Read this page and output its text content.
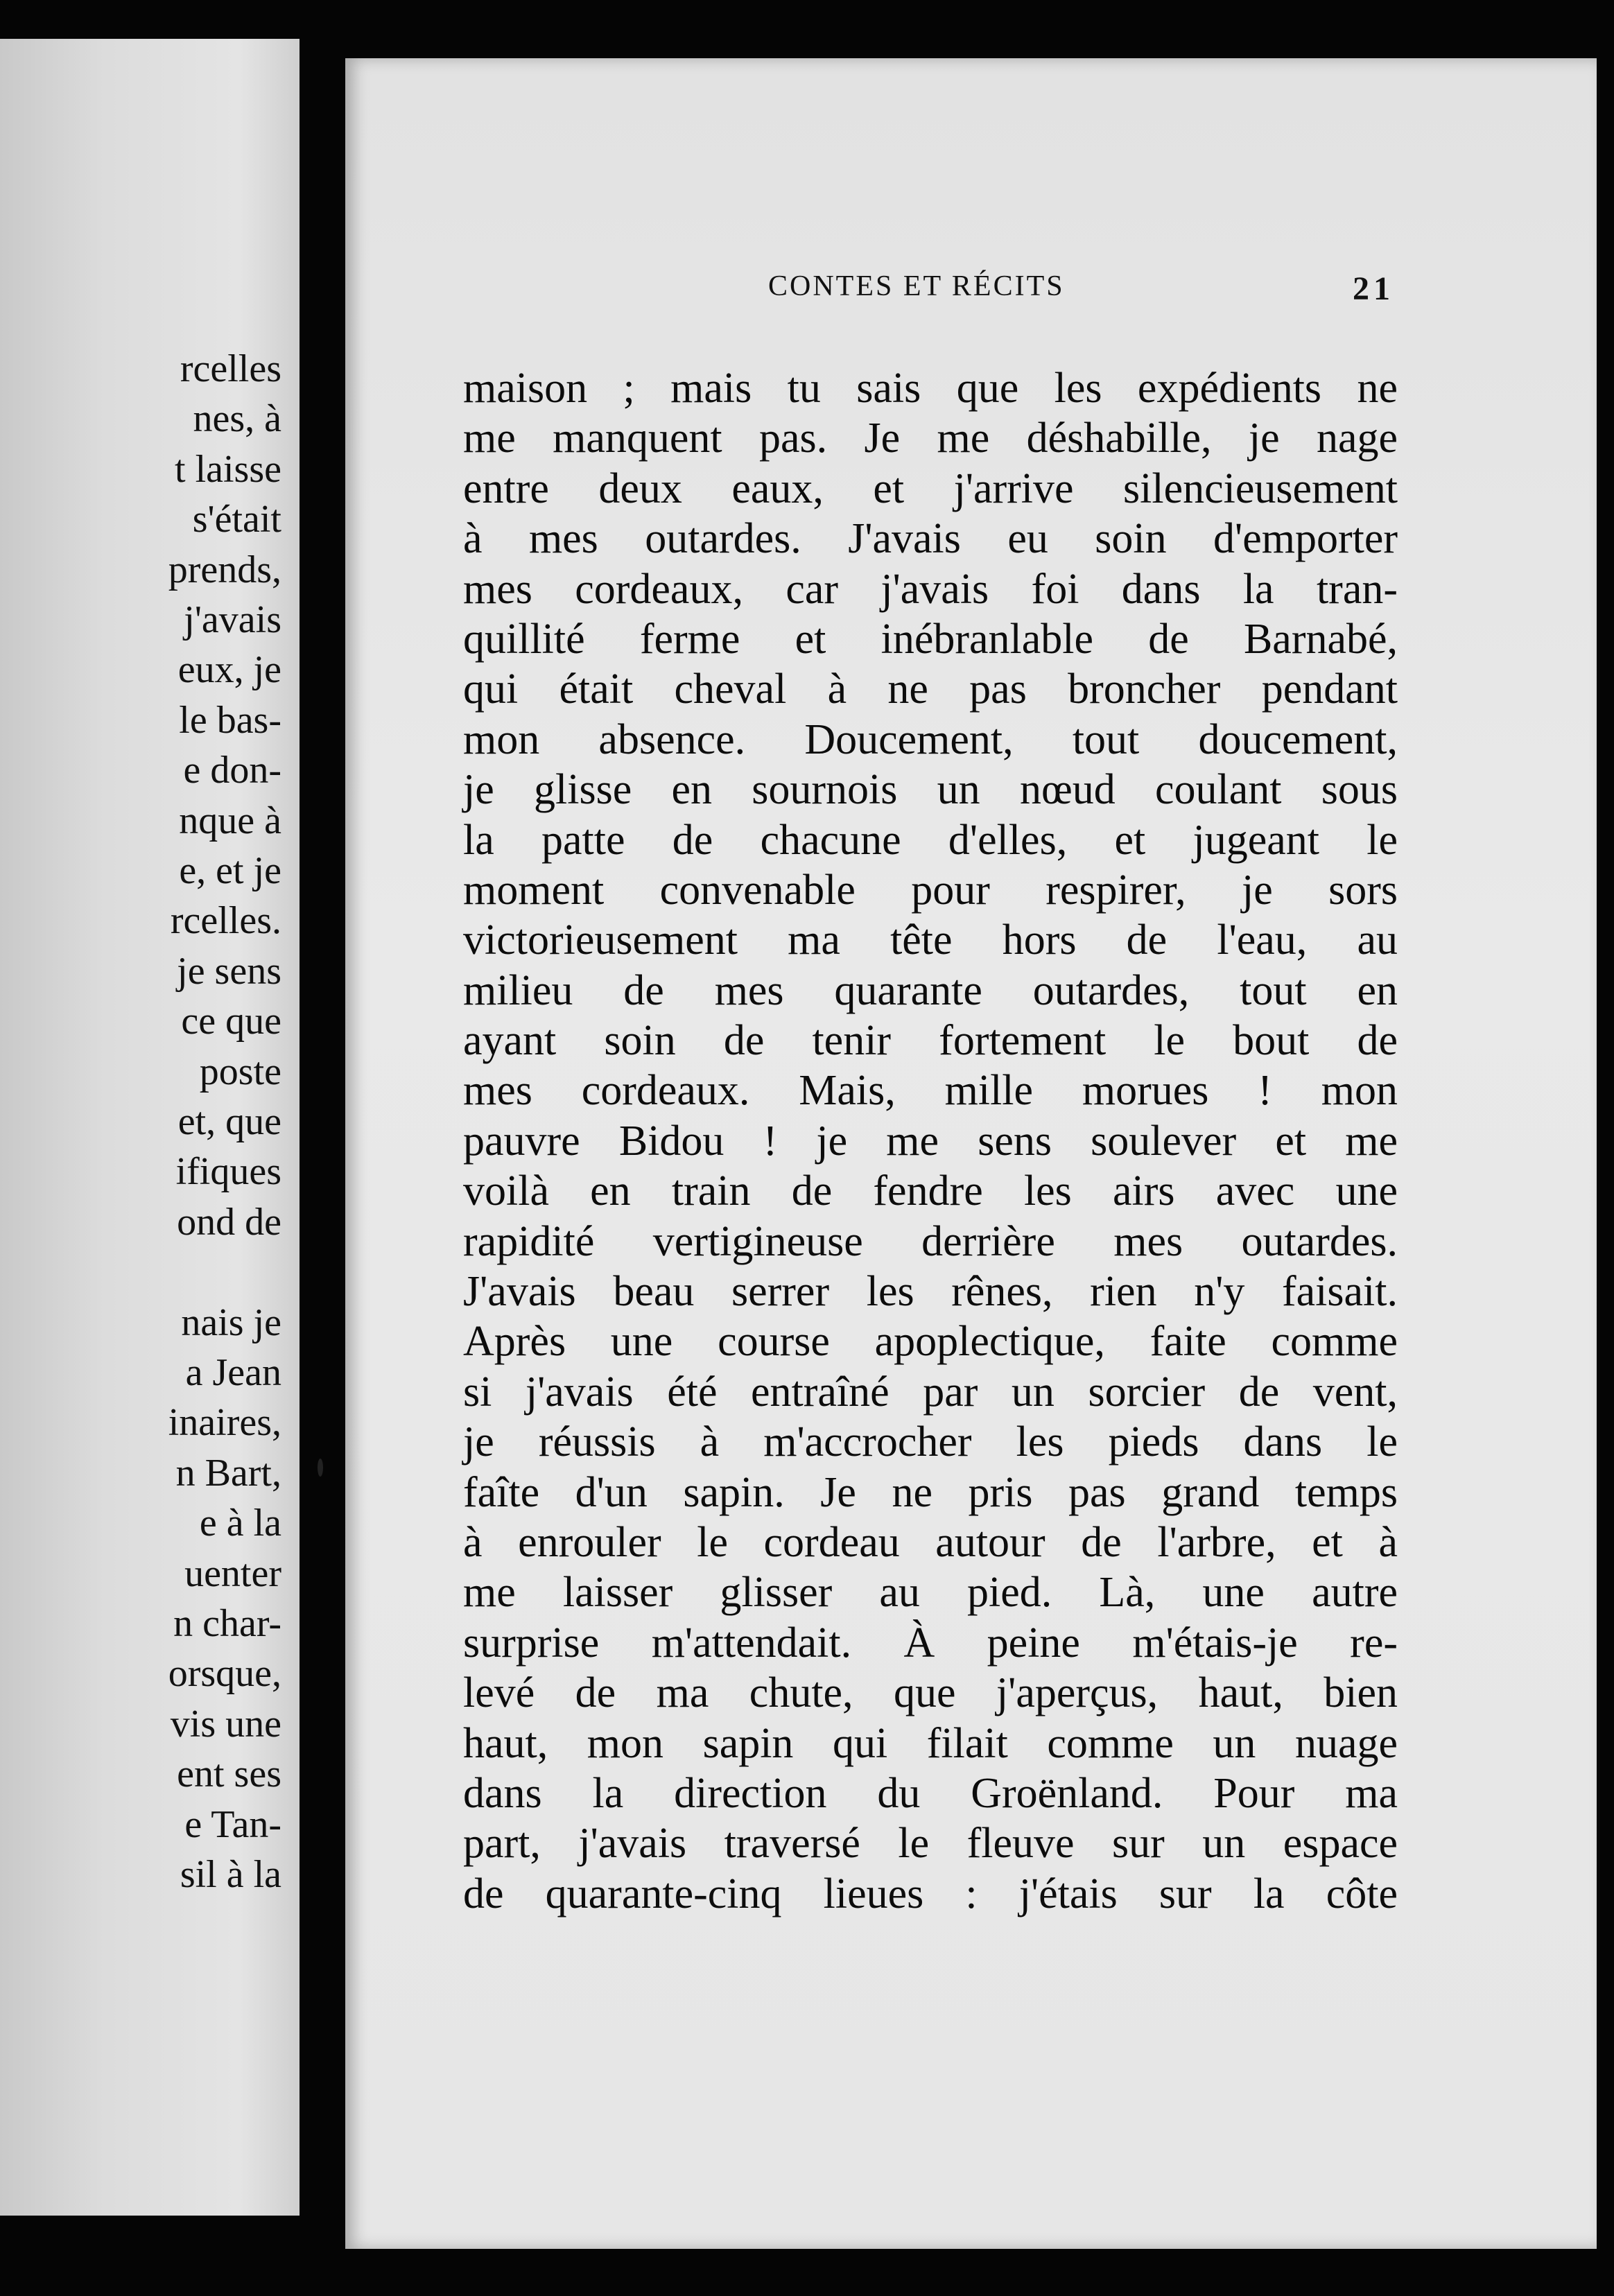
rcelles
nes, à
t laisse
s'était
prends,
j'avais
eux, je
le bas-
e don-
nque à
e, et je
rcelles.
je sens
ce que
poste
et, que
ifiques
ond de
nais je
a Jean
inaires,
n Bart,
e à la
uenter
n char-
orsque,
vis une
ent ses
e Tan-
sil à la
CONTES ET RÉCITS	21
maison ; mais tu sais que les expédients ne
me manquent pas. Je me déshabille, je nage
entre deux eaux, et j'arrive silencieusement
à mes outardes. J'avais eu soin d'emporter
mes cordeaux, car j'avais foi dans la tran-
quillité ferme et inébranlable de Barnabé,
qui était cheval à ne pas broncher pendant
mon absence. Doucement, tout doucement,
je glisse en sournois un nœud coulant sous
la patte de chacune d'elles, et jugeant le
moment convenable pour respirer, je sors
victorieusement ma tête hors de l'eau, au
milieu de mes quarante outardes, tout en
ayant soin de tenir fortement le bout de
mes cordeaux. Mais, mille morues ! mon
pauvre Bidou ! je me sens soulever et me
voilà en train de fendre les airs avec une
rapidité vertigineuse derrière mes outardes.
J'avais beau serrer les rênes, rien n'y faisait.
Après une course apoplectique, faite comme
si j'avais été entraîné par un sorcier de vent,
je réussis à m'accrocher les pieds dans le
faîte d'un sapin. Je ne pris pas grand temps
à enrouler le cordeau autour de l'arbre, et à
me laisser glisser au pied. Là, une autre
surprise m'attendait. À peine m'étais-je re-
levé de ma chute, que j'aperçus, haut, bien
haut, mon sapin qui filait comme un nuage
dans la direction du Groënland. Pour ma
part, j'avais traversé le fleuve sur un espace
de quarante-cinq lieues : j'étais sur la côte
